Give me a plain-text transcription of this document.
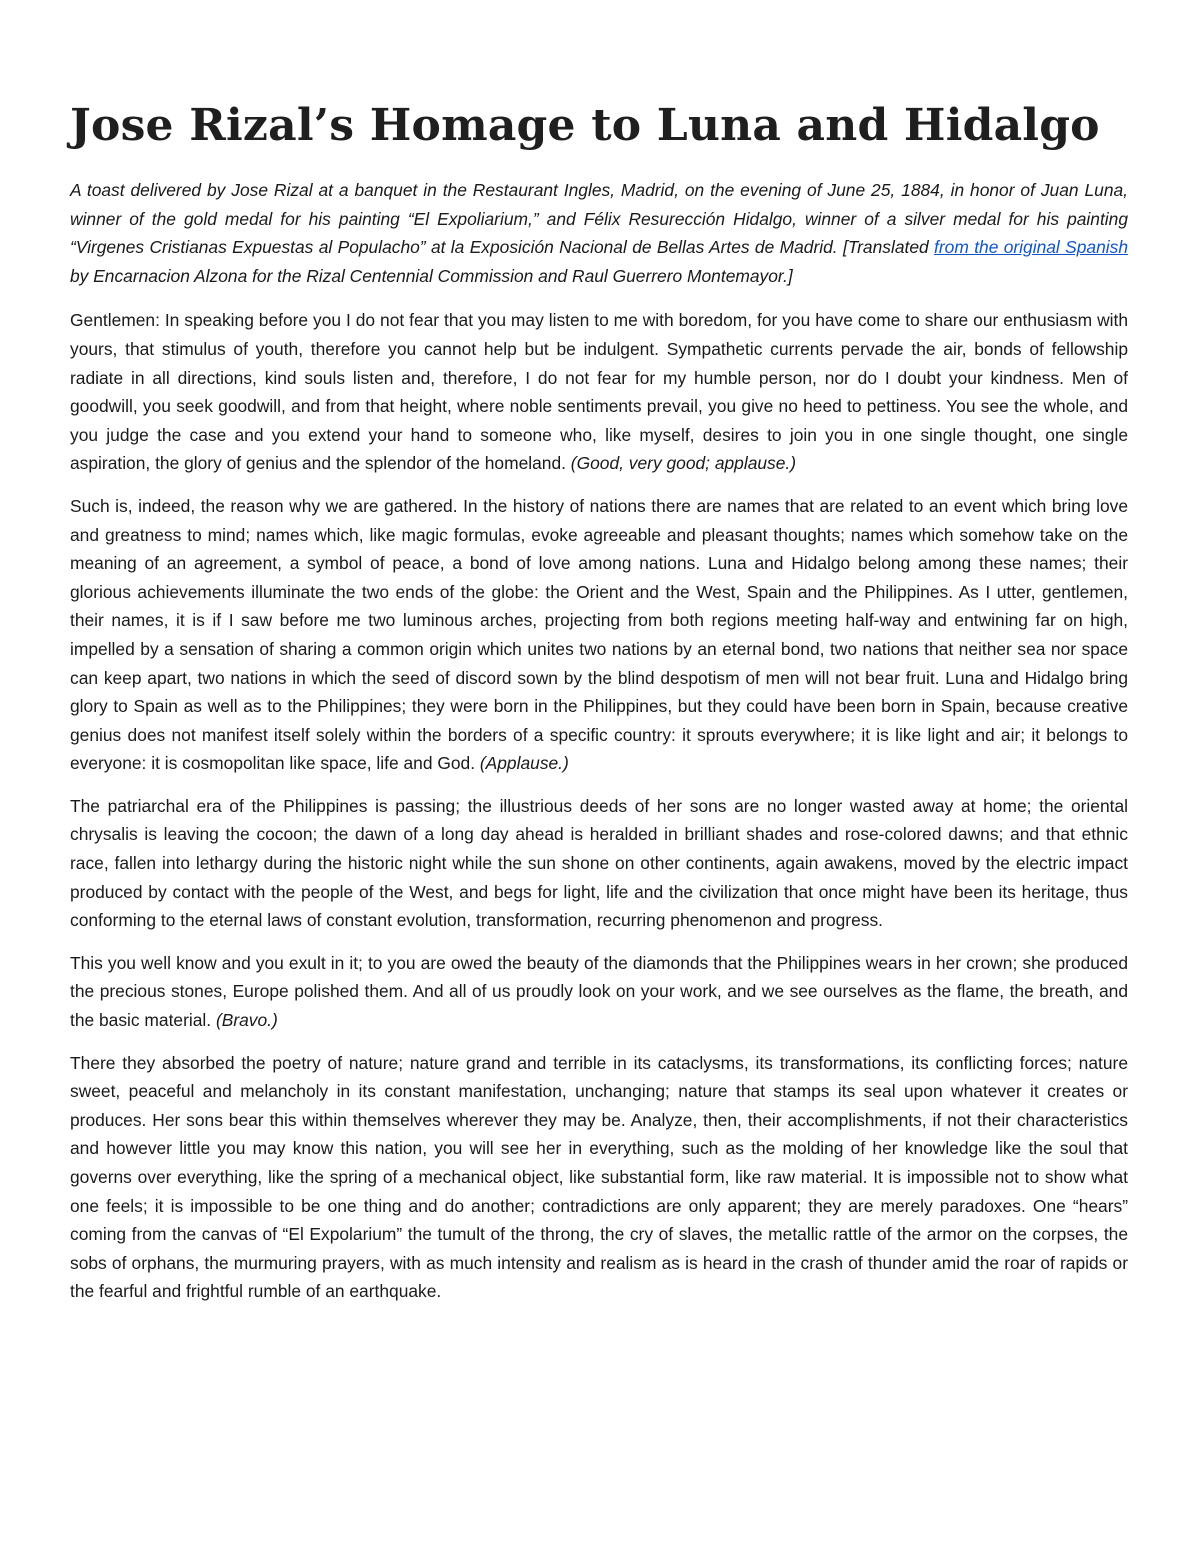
Jose Rizal’s Homage to Luna and Hidalgo

A toast delivered by Jose Rizal at a banquet in the Restaurant Ingles, Madrid, on the evening of June 25, 1884, in honor of Juan Luna, winner of the gold medal for his painting “El Expoliarium,” and Félix Resurección Hidalgo, winner of a silver medal for his painting “Virgenes Cristianas Expuestas al Populacho” at la Exposición Nacional de Bellas Artes de Madrid. [Translated from the original Spanish by Encarnacion Alzona for the Rizal Centennial Commission and Raul Guerrero Montemayor.]

Gentlemen: In speaking before you I do not fear that you may listen to me with boredom, for you have come to share our enthusiasm with yours, that stimulus of youth, therefore you cannot help but be indulgent. Sympathetic currents pervade the air, bonds of fellowship radiate in all directions, kind souls listen and, therefore, I do not fear for my humble person, nor do I doubt your kindness. Men of goodwill, you seek goodwill, and from that height, where noble sentiments prevail, you give no heed to pettiness. You see the whole, and you judge the case and you extend your hand to someone who, like myself, desires to join you in one single thought, one single aspiration, the glory of genius and the splendor of the homeland. (Good, very good; applause.)

Such is, indeed, the reason why we are gathered. In the history of nations there are names that are related to an event which bring love and greatness to mind; names which, like magic formulas, evoke agreeable and pleasant thoughts; names which somehow take on the meaning of an agreement, a symbol of peace, a bond of love among nations. Luna and Hidalgo belong among these names; their glorious achievements illuminate the two ends of the globe: the Orient and the West, Spain and the Philippines. As I utter, gentlemen, their names, it is if I saw before me two luminous arches, projecting from both regions meeting half-way and entwining far on high, impelled by a sensation of sharing a common origin which unites two nations by an eternal bond, two nations that neither sea nor space can keep apart, two nations in which the seed of discord sown by the blind despotism of men will not bear fruit. Luna and Hidalgo bring glory to Spain as well as to the Philippines; they were born in the Philippines, but they could have been born in Spain, because creative genius does not manifest itself solely within the borders of a specific country: it sprouts everywhere; it is like light and air; it belongs to everyone: it is cosmopolitan like space, life and God. (Applause.)

The patriarchal era of the Philippines is passing; the illustrious deeds of her sons are no longer wasted away at home; the oriental chrysalis is leaving the cocoon; the dawn of a long day ahead is heralded in brilliant shades and rose-colored dawns; and that ethnic race, fallen into lethargy during the historic night while the sun shone on other continents, again awakens, moved by the electric impact produced by contact with the people of the West, and begs for light, life and the civilization that once might have been its heritage, thus conforming to the eternal laws of constant evolution, transformation, recurring phenomenon and progress.

This you well know and you exult in it; to you are owed the beauty of the diamonds that the Philippines wears in her crown; she produced the precious stones, Europe polished them. And all of us proudly look on your work, and we see ourselves as the flame, the breath, and the basic material. (Bravo.)

There they absorbed the poetry of nature; nature grand and terrible in its cataclysms, its transformations, its conflicting forces; nature sweet, peaceful and melancholy in its constant manifestation, unchanging; nature that stamps its seal upon whatever it creates or produces. Her sons bear this within themselves wherever they may be. Analyze, then, their accomplishments, if not their characteristics and however little you may know this nation, you will see her in everything, such as the molding of her knowledge like the soul that governs over everything, like the spring of a mechanical object, like substantial form, like raw material. It is impossible not to show what one feels; it is impossible to be one thing and do another; contradictions are only apparent; they are merely paradoxes. One “hears” coming from the canvas of “El Expolarium” the tumult of the throng, the cry of slaves, the metallic rattle of the armor on the corpses, the sobs of orphans, the murmuring prayers, with as much intensity and realism as is heard in the crash of thunder amid the roar of rapids or the fearful and frightful rumble of an earthquake.
